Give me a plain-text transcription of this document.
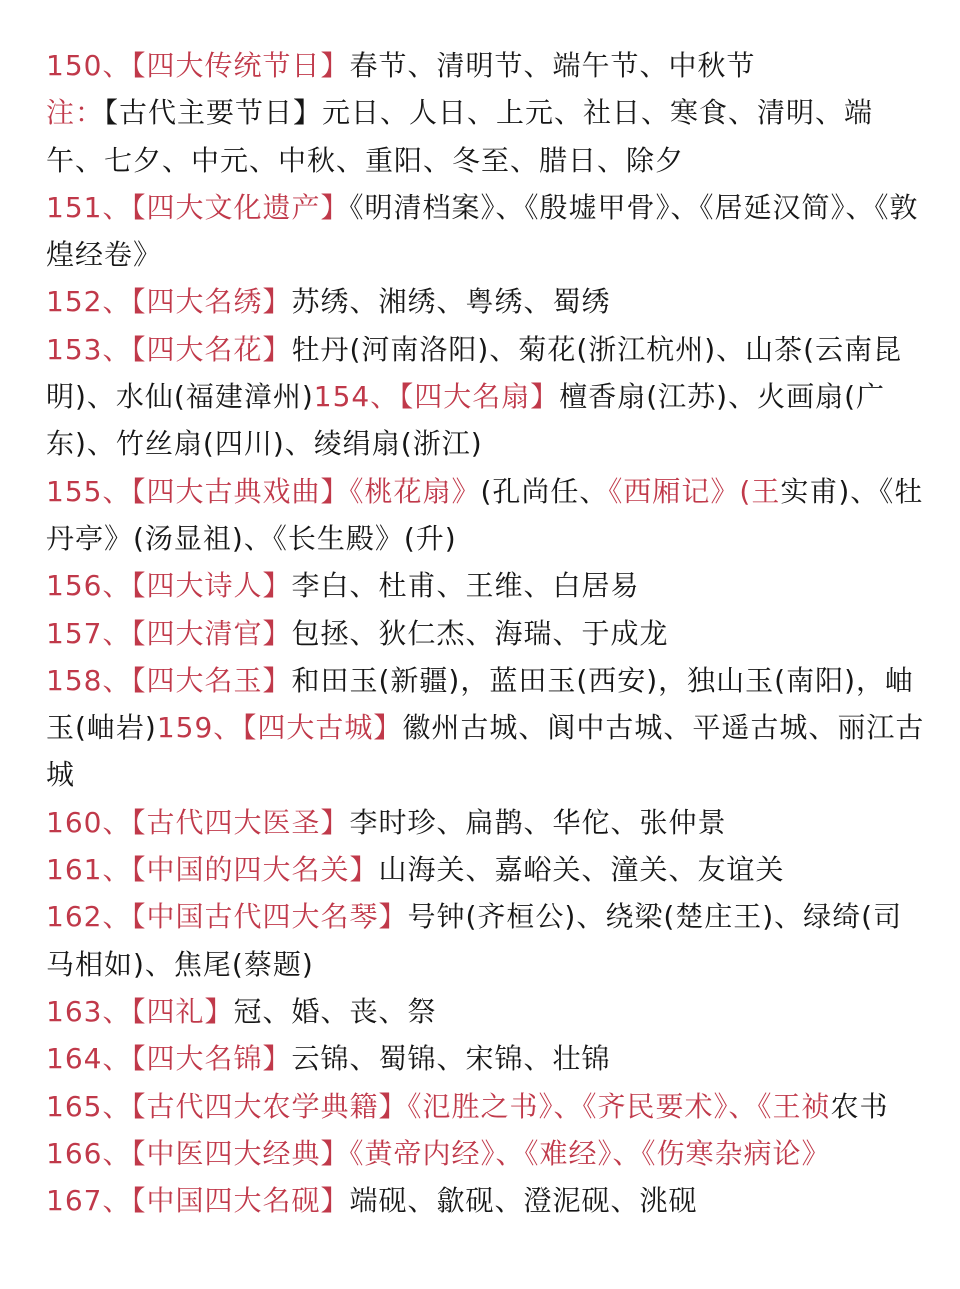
150、【四大传统节日】春节、清明节、端午节、中秋节

注：【古代主要节日】元日、人日、上元、社日、寒食、清明、端午、七夕、中元、中秋、重阳、冬至、腊日、除夕

151、【四大文化遗产】《明清档案》、《殷墟甲骨》、《居延汉简》、《敦煌经卷》

152、【四大名绣】苏绣、湘绣、粤绣、蜀绣

153、【四大名花】牡丹(河南洛阳)、菊花(浙江杭州)、山茶(云南昆明)、水仙(福建漳州)154、【四大名扇】檀香扇(江苏)、火画扇(广东)、竹丝扇(四川)、绫绢扇(浙江)

155、【四大古典戏曲】《桃花扇》(孔尚任、《西厢记》(王实甫)、《牡丹亭》(汤显祖)、《长生殿》(升)

156、【四大诗人】李白、杜甫、王维、白居易

157、【四大清官】包拯、狄仁杰、海瑞、于成龙

158、【四大名玉】和田玉(新疆)，蓝田玉(西安)，独山玉(南阳)，岫玉(岫岩)159、【四大古城】徽州古城、阆中古城、平遥古城、丽江古城

160、【古代四大医圣】李时珍、扁鹊、华佗、张仲景

161、【中国的四大名关】山海关、嘉峪关、潼关、友谊关

162、【中国古代四大名琴】号钟(齐桓公)、绕梁(楚庄王)、绿绮(司马相如)、焦尾(蔡题)

163、【四礼】冠、婚、丧、祭

164、【四大名锦】云锦、蜀锦、宋锦、壮锦

165、【古代四大农学典籍】《氾胜之书》、《齐民要术》、《王祯农书

166、【中医四大经典】《黄帝内经》、《难经》、《伤寒杂病论》

167、【中国四大名砚】端砚、歙砚、澄泥砚、洮砚
